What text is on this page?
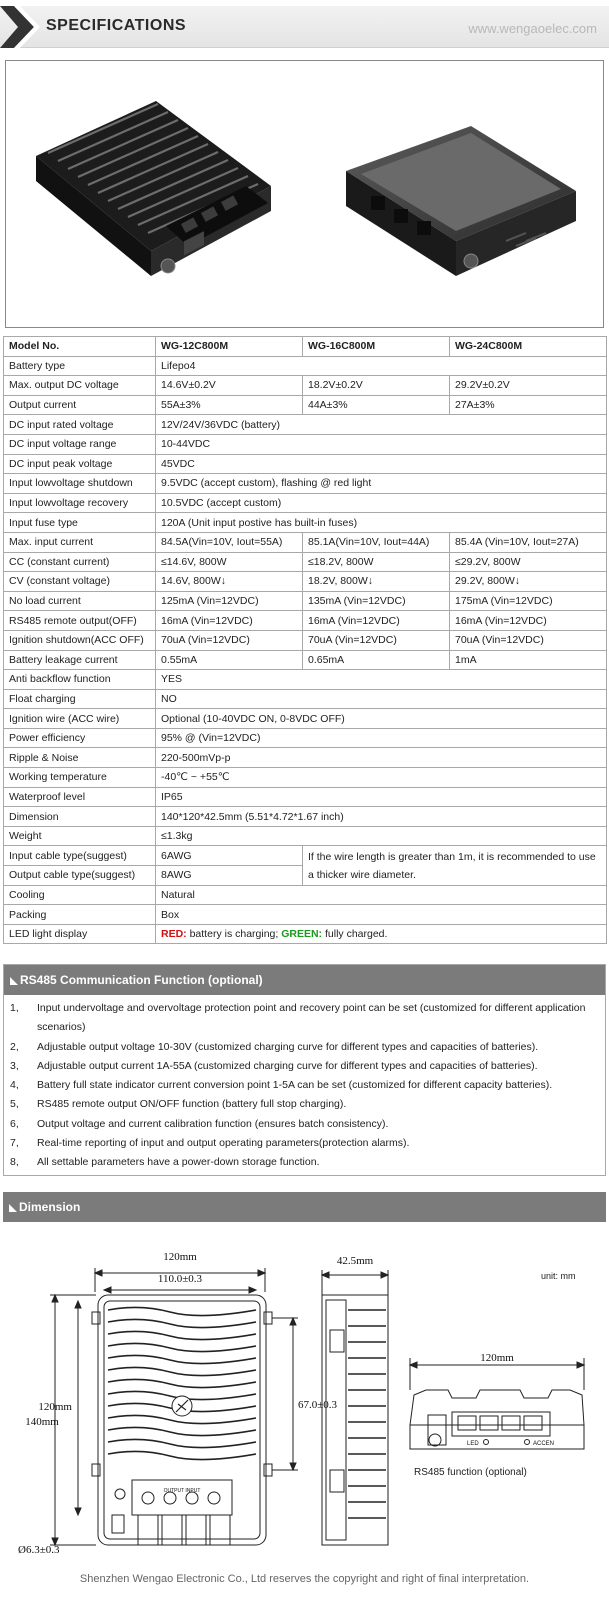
SPECIFICATIONS	www.wengaoelec.com
Model No.	WG-12C800M	WG-16C800M	WG-24C800M
Battery type	Lifepo4		
Max. output DC voltage	14.6V±0.2V	18.2V±0.2V	29.2V±0.2V
Output current	55A±3%	44A±3%	27A±3%
DC input rated voltage	12V/24V/36VDC (battery)		
DC input voltage range	10-44VDC		
DC input peak voltage	45VDC		
Input lowvoltage shutdown	9.5VDC (accept custom), flashing @ red light		
Input lowvoltage recovery	10.5VDC (accept custom)		
Input fuse type	120A (Unit input postive has built-in fuses)		
Max. input current	84.5A(Vin=10V, Iout=55A)	85.1A(Vin=10V, Iout=44A)	85.4A (Vin=10V, Iout=27A)
CC (constant current)	≤14.6V, 800W	≤18.2V, 800W	≤29.2V, 800W
CV (constant voltage)	14.6V, 800W↓	18.2V, 800W↓	29.2V, 800W↓
No load current	125mA (Vin=12VDC)	135mA (Vin=12VDC)	175mA (Vin=12VDC)
RS485 remote output(OFF)	16mA (Vin=12VDC)	16mA (Vin=12VDC)	16mA (Vin=12VDC)
Ignition shutdown(ACC OFF)	70uA (Vin=12VDC)	70uA (Vin=12VDC)	70uA (Vin=12VDC)
Battery leakage current	0.55mA	0.65mA	1mA
Anti backflow function	YES		
Float charging	NO		
Ignition wire (ACC wire)	Optional (10-40VDC ON, 0-8VDC OFF)		
Power efficiency	95% @ (Vin=12VDC)		
Ripple & Noise	220-500mVp-p		
Working temperature	-40℃ ~ +55℃		
Waterproof level	IP65		
Dimension	140*120*42.5mm (5.51*4.72*1.67 inch)		
Weight	≤1.3kg		
Input cable type(suggest)	6AWG	If the wire length is greater than 1m, it is recommended to use a thicker wire diameter.	
Output cable type(suggest)	8AWG		
Cooling	Natural		
Packing	Box		
LED light display	RED: battery is charging; GREEN: fully charged.		
RS485 Communication Function (optional)
1,	Input undervoltage and overvoltage protection point and recovery point can be set (customized for different application scenarios)
2,	Adjustable output voltage 10-30V (customized charging curve for different types and capacities of batteries).
3,	Adjustable output current 1A-55A (customized charging curve for different types and capacities of batteries).
4,	Battery full state indicator current conversion point 1-5A can be set (customized for different capacity batteries).
5,	RS485 remote output ON/OFF function (battery full stop charging).
6,	Output voltage and current calibration function (ensures batch consistency).
7,	Real-time reporting of input and output operating parameters(protection alarms).
8,	All settable parameters have a power-down storage function.
Dimension
unit: mm
120mm
110.0±0.3
140mm
120mm	67.0±0.3
Ø6.3±0.3
OUTPUT INPUT
42.5mm
120mm
LED	ACCEN
RS485 function (optional)
Shenzhen Wengao Electronic Co., Ltd reserves the copyright and right of final interpretation.
